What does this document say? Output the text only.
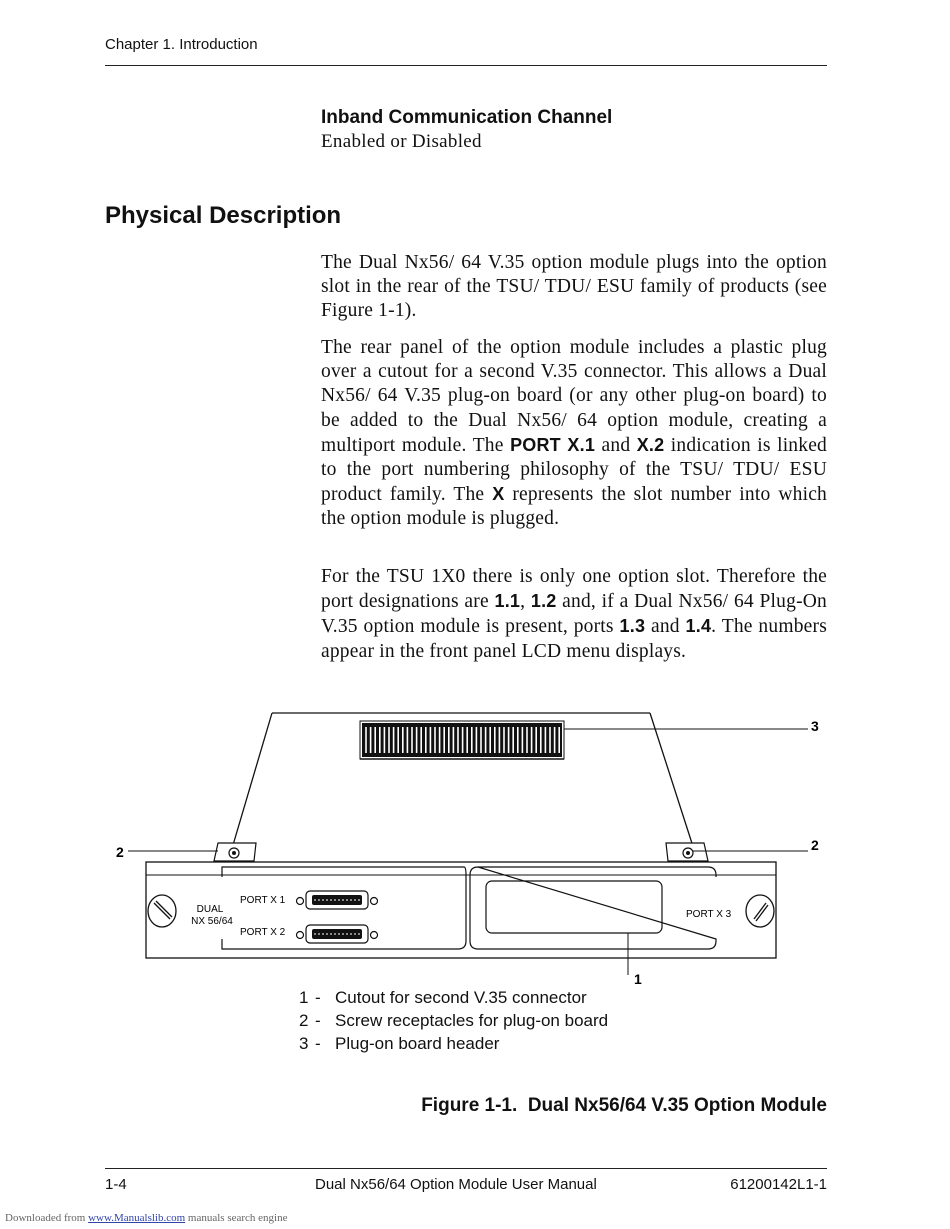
Chapter 1. Introduction
Inband Communication Channel
Enabled or Disabled
Physical Description
The Dual Nx56/ 64 V.35 option module plugs into the option slot in the rear of the TSU/ TDU/ ESU family of products (see Figure 1-1).
The rear panel of the option module includes a plastic plug over a cutout for a second V.35 connector. This allows a Dual Nx56/ 64 V.35 plug-on board (or any other plug-on board) to be added to the Dual Nx56/ 64 option module, creating a multiport module. The PORT X.1 and X.2 indication is linked to the port numbering philosophy of the TSU/ TDU/ ESU product family. The X represents the slot number into which the option module is plugged.
For the TSU 1X0 there is only one option slot. Therefore the port designations are 1.1, 1.2 and, if a Dual Nx56/ 64 Plug-On V.35 option module is present, ports 1.3 and 1.4. The numbers appear in the front panel LCD menu displays.
3
2	2
DUAL
NX 56/64
PORT X 1
PORT X 2
PORT X 3
1
1 - Cutout for second V.35 connector
2 - Screw receptacles for plug-on board
3 - Plug-on board header
Figure 1-1.  Dual Nx56/64 V.35 Option Module
1-4	Dual Nx56/64 Option Module User Manual	61200142L1-1
Downloaded from www.Manualslib.com manuals search engine
